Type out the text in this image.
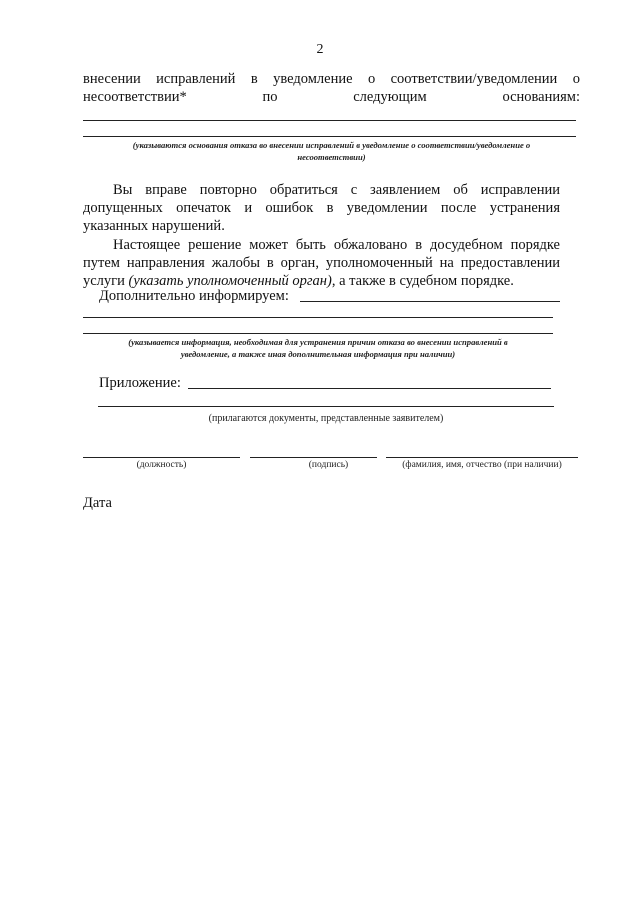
2
внесении исправлений в уведомление о соответствии/уведомлении о
несоответствии*	по	следующим	основаниям:
(указываются основания отказа во внесении исправлений в уведомление о соответствии/уведомление о
несоответствии)
Вы вправе повторно обратиться с заявлением об исправлении допущенных опечаток и ошибок в уведомлении после устранения
указанных нарушений.
Настоящее решение может быть обжаловано в досудебном порядке путем направления жалобы в орган, уполномоченный на предоставлении
услуги (указать уполномоченный орган), а также в судебном порядке.
Дополнительно информируем:
(указывается информация, необходимая для устранения причин отказа во внесении исправлений в
уведомление, а также иная дополнительная информация при наличии)
Приложение:
(прилагаются документы, представленные заявителем)
(должность)	(подпись)	(фамилия, имя, отчество (при наличии)
Дата
